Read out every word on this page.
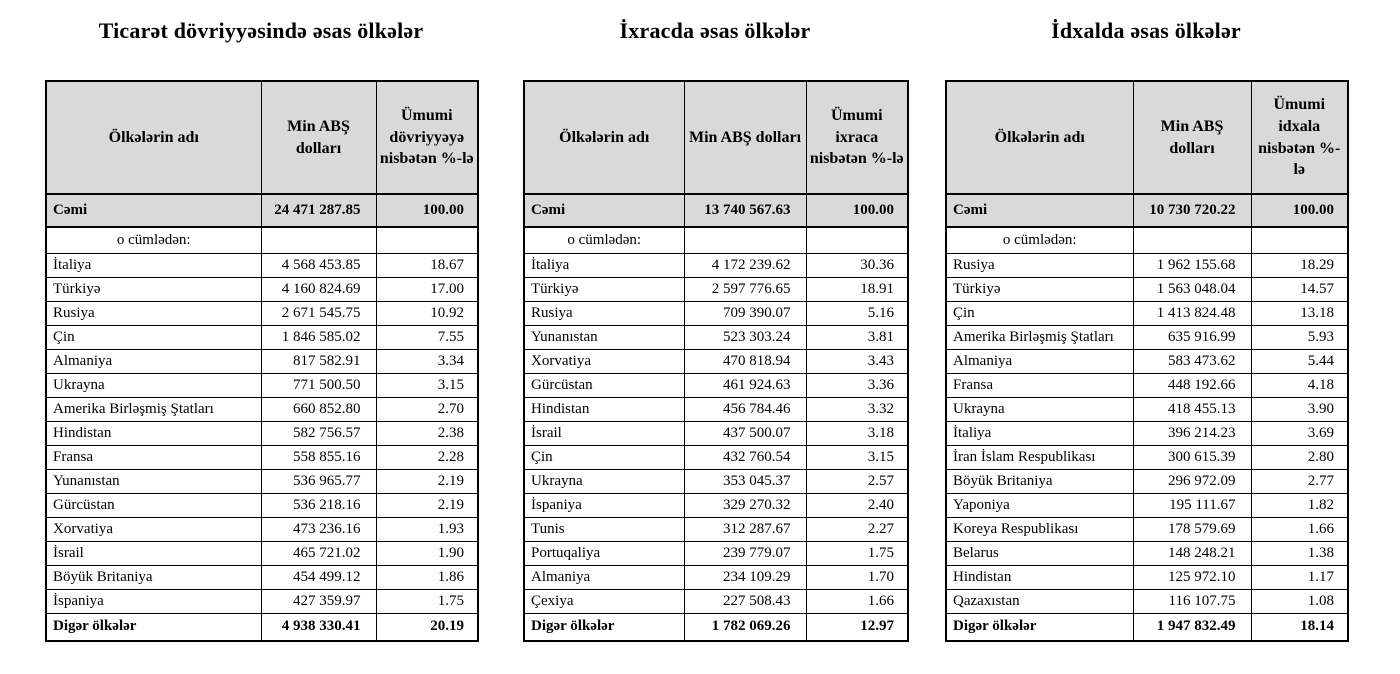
Ticarət dövriyyəsində əsas ölkələr
Ölkələrin adı	Min ABŞ dolları	Ümumi dövriyyəyə nisbətən %-lə
Cəmi	24 471 287.85	100.00
o cümlədən:		
İtaliya	4 568 453.85	18.67
Türkiyə	4 160 824.69	17.00
Rusiya	2 671 545.75	10.92
Çin	1 846 585.02	7.55
Almaniya	817 582.91	3.34
Ukrayna	771 500.50	3.15
Amerika Birləşmiş Ştatları	660 852.80	2.70
Hindistan	582 756.57	2.38
Fransa	558 855.16	2.28
Yunanıstan	536 965.77	2.19
Gürcüstan	536 218.16	2.19
Xorvatiya	473 236.16	1.93
İsrail	465 721.02	1.90
Böyük Britaniya	454 499.12	1.86
İspaniya	427 359.97	1.75
Digər ölkələr	4 938 330.41	20.19
İxracda əsas ölkələr
Ölkələrin adı	Min ABŞ dolları	Ümumi ixraca nisbətən %-lə
Cəmi	13 740 567.63	100.00
o cümlədən:		
İtaliya	4 172 239.62	30.36
Türkiyə	2 597 776.65	18.91
Rusiya	709 390.07	5.16
Yunanıstan	523 303.24	3.81
Xorvatiya	470 818.94	3.43
Gürcüstan	461 924.63	3.36
Hindistan	456 784.46	3.32
İsrail	437 500.07	3.18
Çin	432 760.54	3.15
Ukrayna	353 045.37	2.57
İspaniya	329 270.32	2.40
Tunis	312 287.67	2.27
Portuqaliya	239 779.07	1.75
Almaniya	234 109.29	1.70
Çexiya	227 508.43	1.66
Digər ölkələr	1 782 069.26	12.97
İdxalda əsas ölkələr
Ölkələrin adı	Min ABŞ dolları	Ümumi idxala nisbətən %-lə
Cəmi	10 730 720.22	100.00
o cümlədən:		
Rusiya	1 962 155.68	18.29
Türkiyə	1 563 048.04	14.57
Çin	1 413 824.48	13.18
Amerika Birləşmiş Ştatları	635 916.99	5.93
Almaniya	583 473.62	5.44
Fransa	448 192.66	4.18
Ukrayna	418 455.13	3.90
İtaliya	396 214.23	3.69
İran İslam Respublikası	300 615.39	2.80
Böyük Britaniya	296 972.09	2.77
Yaponiya	195 111.67	1.82
Koreya Respublikası	178 579.69	1.66
Belarus	148 248.21	1.38
Hindistan	125 972.10	1.17
Qazaxıstan	116 107.75	1.08
Digər ölkələr	1 947 832.49	18.14
